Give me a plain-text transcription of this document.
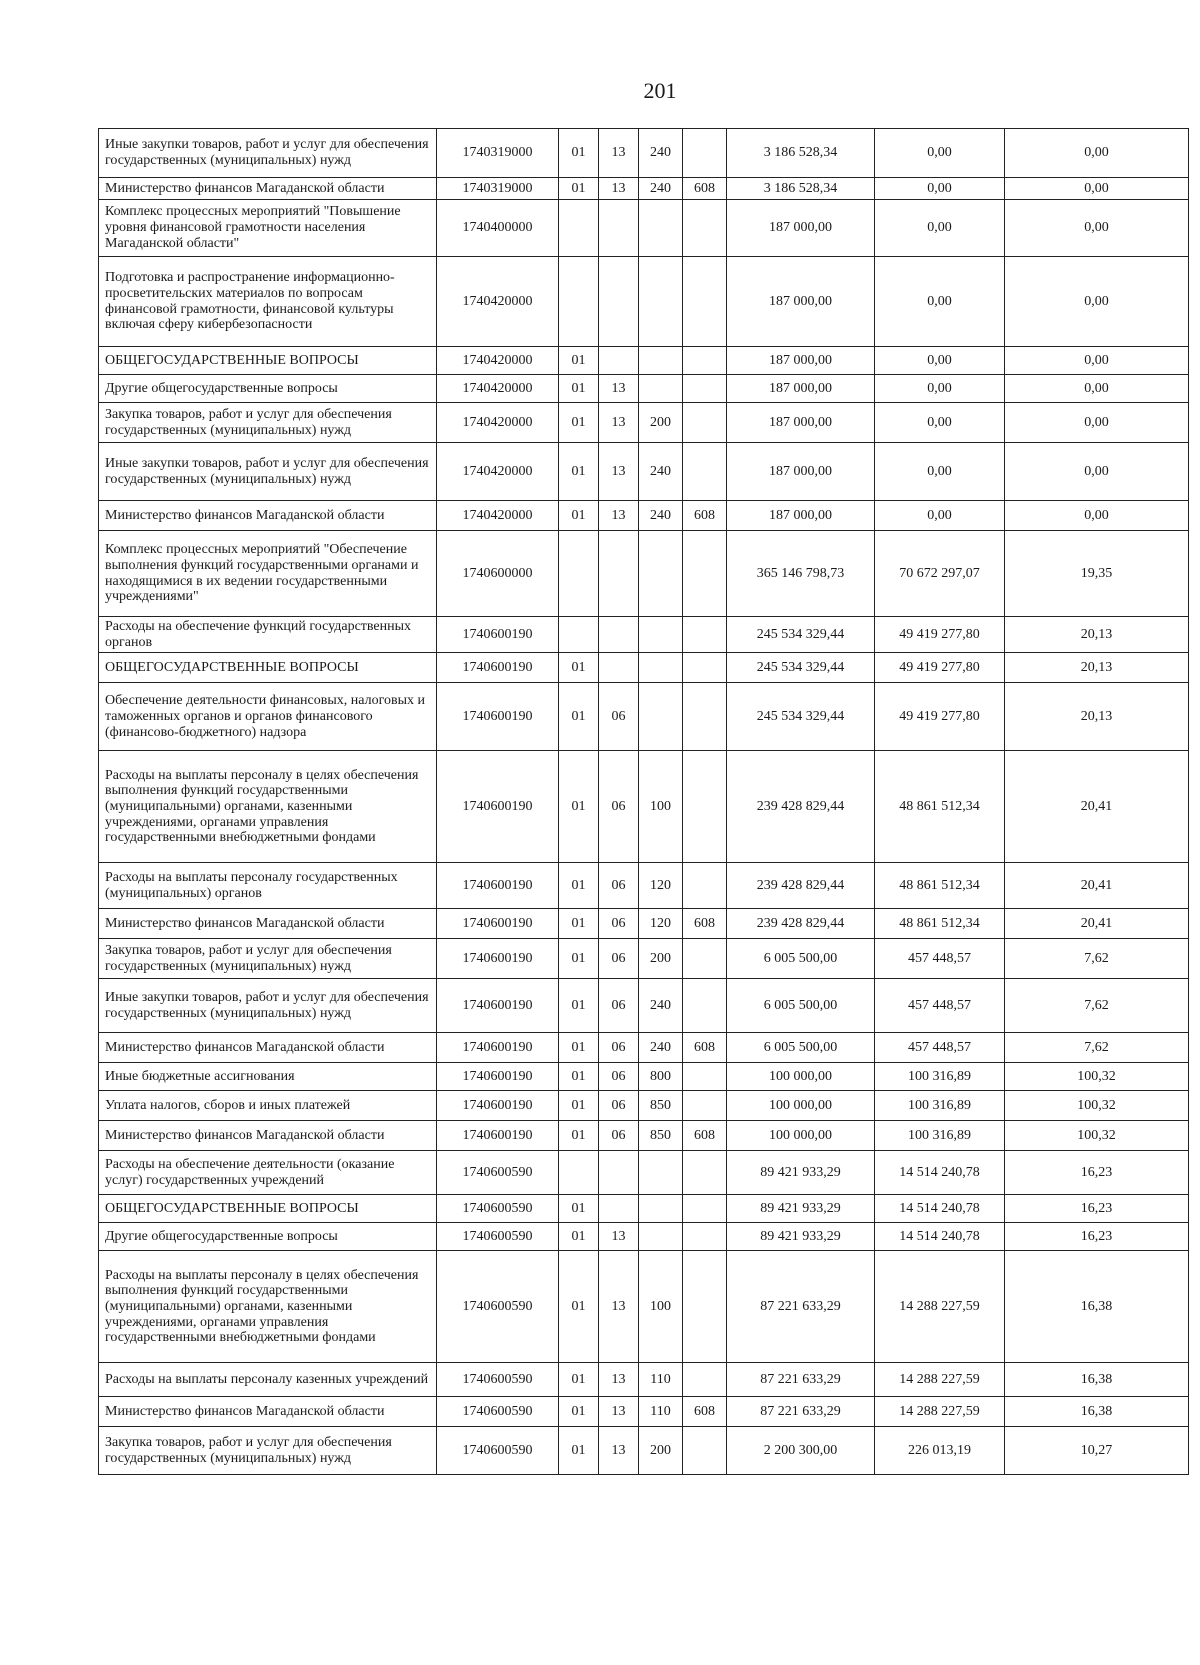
201
Иные закупки товаров, работ и услуг для обеспечения государственных (муниципальных) нужд	1740319000	01	13	240		3 186 528,34	0,00	0,00
Министерство финансов Магаданской области	1740319000	01	13	240	608	3 186 528,34	0,00	0,00
Комплекс процессных мероприятий "Повышение уровня финансовой грамотности населения Магаданской области"	1740400000					187 000,00	0,00	0,00
Подготовка и распространение информационно-просветительских материалов по вопросам финансовой грамотности, финансовой культуры включая сферу кибербезопасности	1740420000					187 000,00	0,00	0,00
ОБЩЕГОСУДАРСТВЕННЫЕ ВОПРОСЫ	1740420000	01				187 000,00	0,00	0,00
Другие общегосударственные вопросы	1740420000	01	13			187 000,00	0,00	0,00
Закупка товаров, работ и услуг для обеспечения государственных (муниципальных) нужд	1740420000	01	13	200		187 000,00	0,00	0,00
Иные закупки товаров, работ и услуг для обеспечения государственных (муниципальных) нужд	1740420000	01	13	240		187 000,00	0,00	0,00
Министерство финансов Магаданской области	1740420000	01	13	240	608	187 000,00	0,00	0,00
Комплекс процессных мероприятий "Обеспечение выполнения функций государственными органами и находящимися в их ведении государственными учреждениями"	1740600000					365 146 798,73	70 672 297,07	19,35
Расходы на обеспечение функций государственных органов	1740600190					245 534 329,44	49 419 277,80	20,13
ОБЩЕГОСУДАРСТВЕННЫЕ ВОПРОСЫ	1740600190	01				245 534 329,44	49 419 277,80	20,13
Обеспечение деятельности финансовых, налоговых и таможенных органов и органов финансового (финансово-бюджетного) надзора	1740600190	01	06			245 534 329,44	49 419 277,80	20,13
Расходы на выплаты персоналу в целях обеспечения выполнения функций государственными (муниципальными) органами, казенными учреждениями, органами управления государственными внебюджетными фондами	1740600190	01	06	100		239 428 829,44	48 861 512,34	20,41
Расходы на выплаты персоналу государственных (муниципальных) органов	1740600190	01	06	120		239 428 829,44	48 861 512,34	20,41
Министерство финансов Магаданской области	1740600190	01	06	120	608	239 428 829,44	48 861 512,34	20,41
Закупка товаров, работ и услуг для обеспечения государственных (муниципальных) нужд	1740600190	01	06	200		6 005 500,00	457 448,57	7,62
Иные закупки товаров, работ и услуг для обеспечения государственных (муниципальных) нужд	1740600190	01	06	240		6 005 500,00	457 448,57	7,62
Министерство финансов Магаданской области	1740600190	01	06	240	608	6 005 500,00	457 448,57	7,62
Иные бюджетные ассигнования	1740600190	01	06	800		100 000,00	100 316,89	100,32
Уплата налогов, сборов и иных платежей	1740600190	01	06	850		100 000,00	100 316,89	100,32
Министерство финансов Магаданской области	1740600190	01	06	850	608	100 000,00	100 316,89	100,32
Расходы на обеспечение деятельности (оказание услуг) государственных учреждений	1740600590					89 421 933,29	14 514 240,78	16,23
ОБЩЕГОСУДАРСТВЕННЫЕ ВОПРОСЫ	1740600590	01				89 421 933,29	14 514 240,78	16,23
Другие общегосударственные вопросы	1740600590	01	13			89 421 933,29	14 514 240,78	16,23
Расходы на выплаты персоналу в целях обеспечения выполнения функций государственными (муниципальными) органами, казенными учреждениями, органами управления государственными внебюджетными фондами	1740600590	01	13	100		87 221 633,29	14 288 227,59	16,38
Расходы на выплаты персоналу казенных учреждений	1740600590	01	13	110		87 221 633,29	14 288 227,59	16,38
Министерство финансов Магаданской области	1740600590	01	13	110	608	87 221 633,29	14 288 227,59	16,38
Закупка товаров, работ и услуг для обеспечения государственных (муниципальных) нужд	1740600590	01	13	200		2 200 300,00	226 013,19	10,27
